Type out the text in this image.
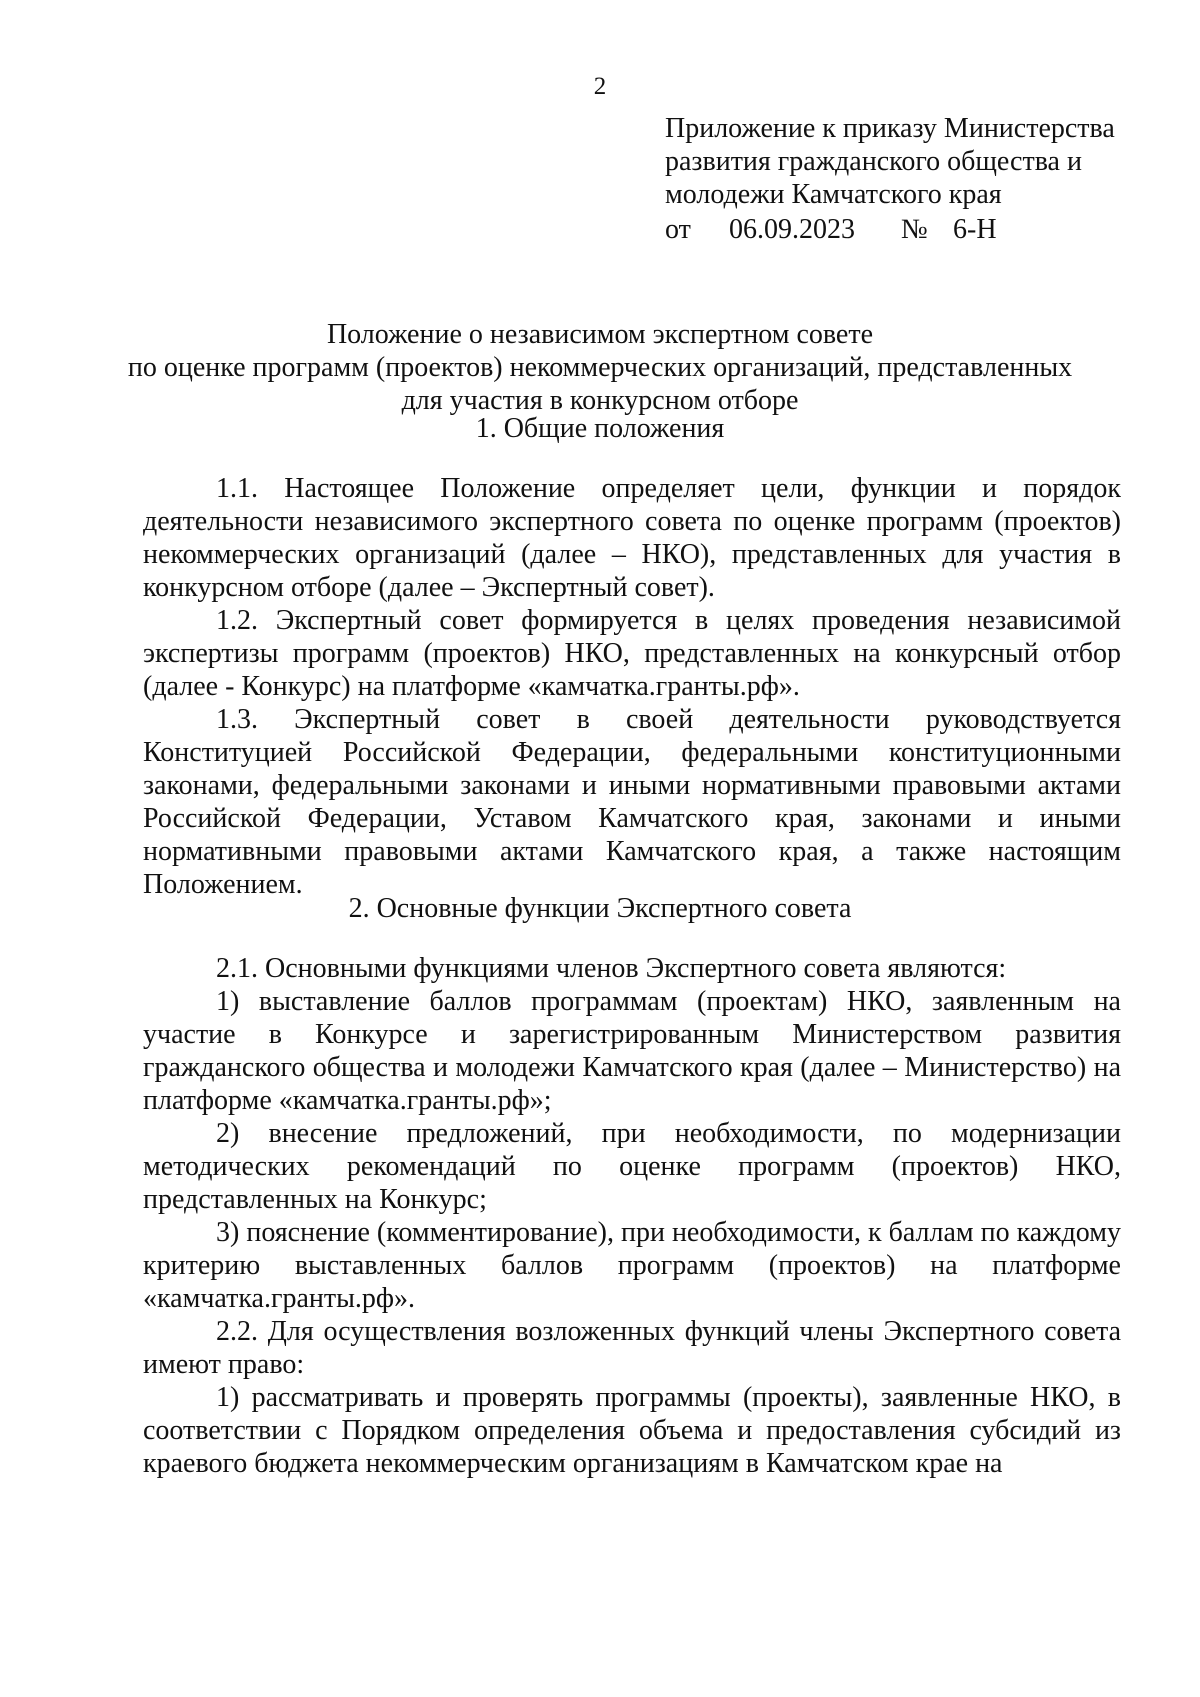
2
Приложение к приказу Министерства
развития гражданского общества и
молодежи Камчатского края
от 06.09.2023 № 6-Н
Положение о независимом экспертном совете
по оценке программ (проектов) некоммерческих организаций, представленных
для участия в конкурсном отборе
1. Общие положения

1.1. Настоящее Положение определяет цели, функции и порядок деятельности независимого экспертного совета по оценке программ (проектов) некоммерческих организаций (далее – НКО), представленных для участия в конкурсном отборе (далее – Экспертный совет).

1.2. Экспертный совет формируется в целях проведения независимой экспертизы программ (проектов) НКО, представленных на конкурсный отбор (далее - Конкурс) на платформе «камчатка.гранты.рф».

1.3. Экспертный совет в своей деятельности руководствуется Конституцией Российской Федерации, федеральными конституционными законами, федеральными законами и иными нормативными правовыми актами Российской Федерации, Уставом Камчатского края, законами и иными нормативными правовыми актами Камчатского края, а также настоящим Положением.

2. Основные функции Экспертного совета

2.1. Основными функциями членов Экспертного совета являются:

1) выставление баллов программам (проектам) НКО, заявленным на участие в Конкурсе и зарегистрированным Министерством развития гражданского общества и молодежи Камчатского края (далее – Министерство) на платформе «камчатка.гранты.рф»;

2) внесение предложений, при необходимости, по модернизации методических рекомендаций по оценке программ (проектов) НКО, представленных на Конкурс;

3) пояснение (комментирование), при необходимости, к баллам по каждому критерию выставленных баллов программ (проектов) на платформе «камчатка.гранты.рф».

2.2. Для осуществления возложенных функций члены Экспертного совета имеют право:

1) рассматривать и проверять программы (проекты), заявленные НКО, в соответствии с Порядком определения объема и предоставления субсидий из краевого бюджета некоммерческим организациям в Камчатском крае на
